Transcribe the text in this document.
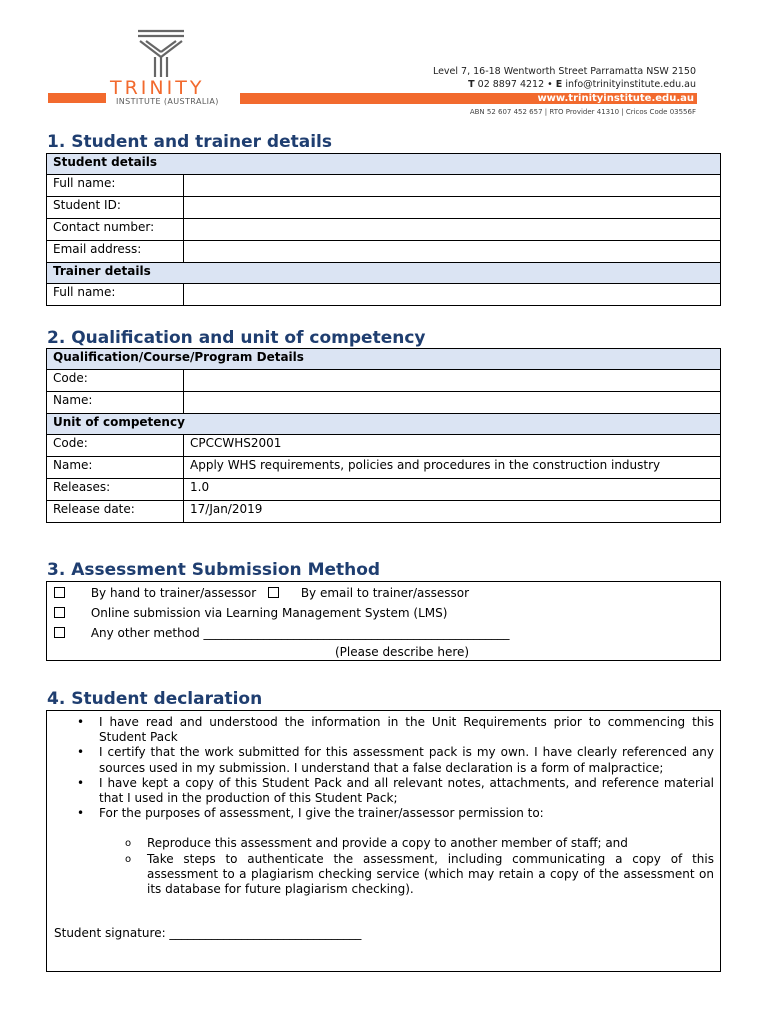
TRINITY
INSTITUTE (AUSTRALIA)
Level 7, 16-18 Wentworth Street Parramatta NSW 2150
T 02 8897 4212 • E info@trinityinstitute.edu.au
www.trinityinstitute.edu.au
ABN 52 607 452 657 | RTO Provider 41310 | Cricos Code 03556F
1. Student and trainer details
Student details	
Full name:	
Student ID:	
Contact number:	
Email address:	
Trainer details	
Full name:	
2. Qualification and unit of competency
Qualification/Course/Program Details	
Code:	
Name:	
Unit of competency	
Code:	CPCCWHS2001
Name:	Apply WHS requirements, policies and procedures in the construction industry
Releases:	1.0
Release date:	17/Jan/2019
3. Assessment Submission Method
By hand to trainer/assessor	By email to trainer/assessor
Online submission via Learning Management System (LMS)
Any other method ___________________________________________________
(Please describe here)
4. Student declaration
• I have read and understood the information in the Unit Requirements prior to commencing this Student Pack
• I certify that the work submitted for this assessment pack is my own. I have clearly referenced any sources used in my submission. I understand that a false declaration is a form of malpractice;
• I have kept a copy of this Student Pack and all relevant notes, attachments, and reference material that I used in the production of this Student Pack;
• For the purposes of assessment, I give the trainer/assessor permission to:
o Reproduce this assessment and provide a copy to another member of staff; and
o Take steps to authenticate the assessment, including communicating a copy of this assessment to a plagiarism checking service (which may retain a copy of the assessment on its database for future plagiarism checking).
Student signature: ________________________________
